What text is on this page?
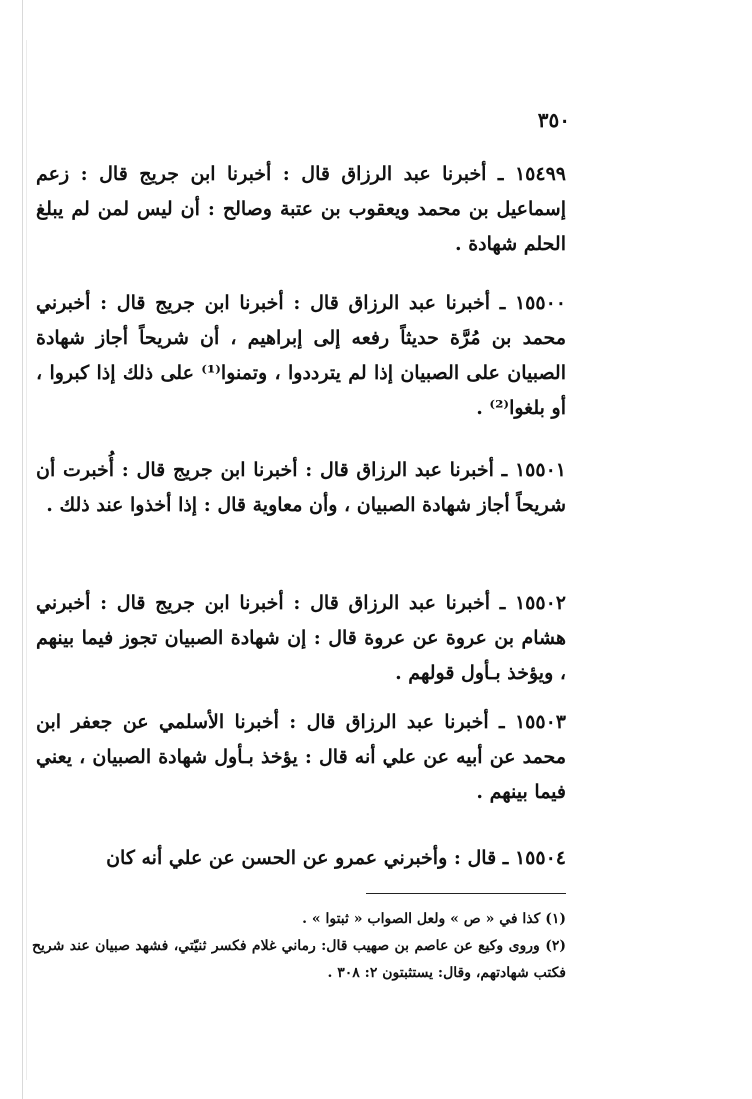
٣٥٠
١٥٤٩٩ ـ أخبرنا عبد الرزاق قال : أخبرنا ابن جريج قال : زعم إسماعيل بن محمد ويعقوب بن عتبة وصالح : أن ليس لمن لم يبلغ الحلم شهادة .
١٥٥٠٠ ـ أخبرنا عبد الرزاق قال : أخبرنا ابن جريج قال : أخبرني محمد بن مُرَّة حديثاً رفعه إلى إبراهيم ، أن شريحاً أجاز شهادة الصبيان على الصبيان إذا لم يترددوا ، وتمنوا⁽¹⁾ على ذلك إذا كبروا ، أو بلغوا⁽²⁾ .
١٥٥٠١ ـ أخبرنا عبد الرزاق قال : أخبرنا ابن جريج قال : أُخبرت أن شريحاً أجاز شهادة الصبيان ، وأن معاوية قال : إذا أخذوا عند ذلك .
١٥٥٠٢ ـ أخبرنا عبد الرزاق قال : أخبرنا ابن جريج قال : أخبرني هشام بن عروة عن عروة قال : إن شهادة الصبيان تجوز فيما بينهم ، ويؤخذ بـأول قولهم .
١٥٥٠٣ ـ أخبرنا عبد الرزاق قال : أخبرنا الأسلمي عن جعفر ابن محمد عن أبيه عن علي أنه قال : يؤخذ بـأول شهادة الصبيان ، يعني فيما بينهم .
١٥٥٠٤ ـ قال : وأخبرني عمرو عن الحسن عن علي أنه كان

(١) كذا في « ص » ولعل الصواب « ثبتوا » .

(٢) وروى وكيع عن عاصم بن صهيب قال: رماني غلام فكسر ثنيّتي، فشهد صبيان عند شريح فكتب شهادتهم، وقال: يستثبتون ٢: ٣٠٨ .
